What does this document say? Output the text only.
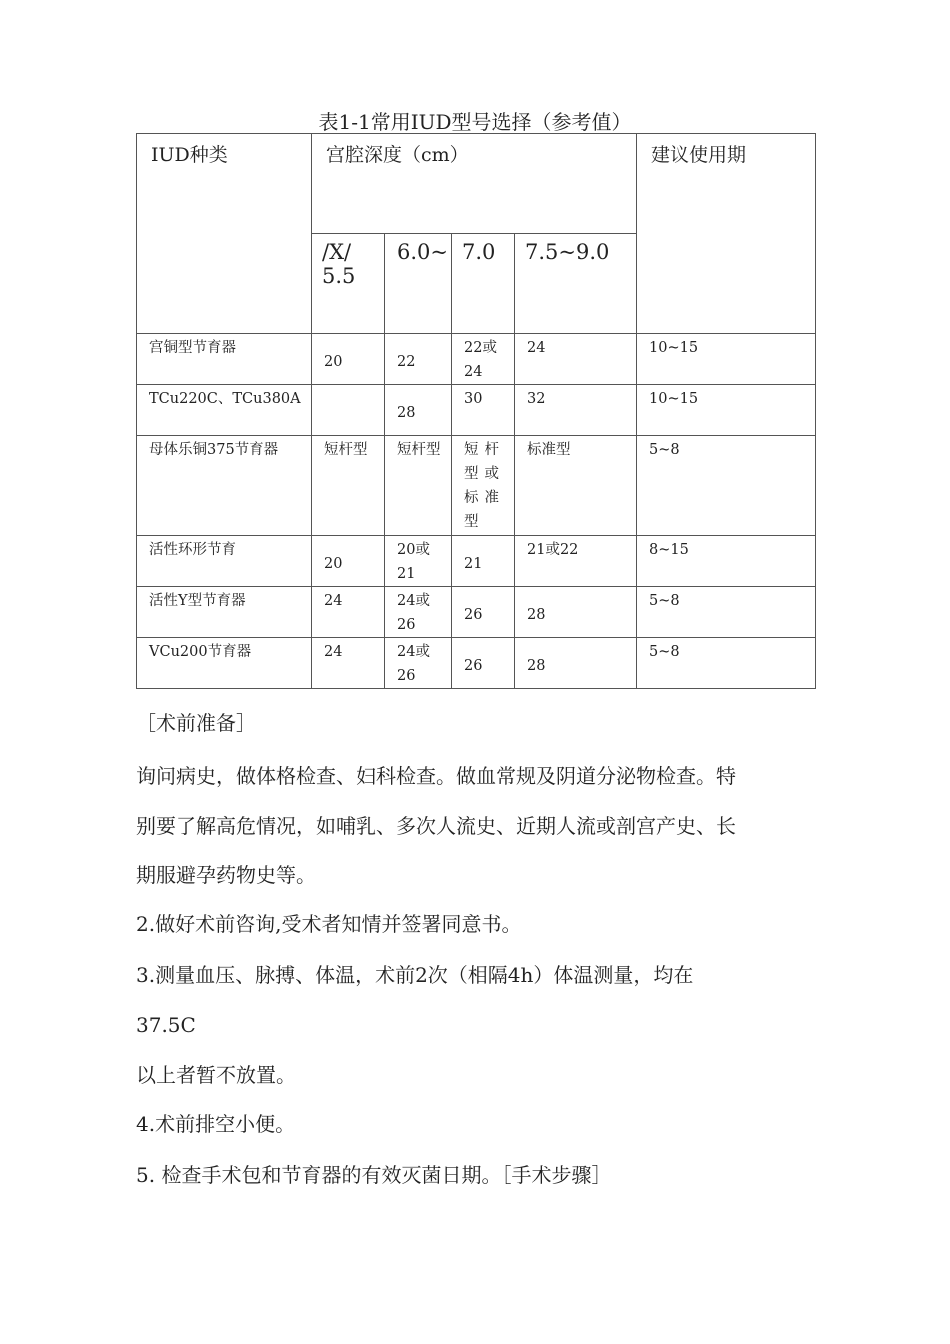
表1-1常用IUD型号选择（参考值）
IUD种类	宫腔深度（cm）				建议使用期
	/X/ 5.5	6.0~	7.0	7.5~9.0	
宫铜型节育器	20	22	22或24	24	10~15
TCu220C、TCu380A		28	30	32	10~15
母体乐铜375节育器	短杆型	短杆型	短杆型或标准型	标准型	5~8
活性环形节育	20	20或21	21	21或22	8~15
活性Y型节育器	24	24或26	26	28	5~8
VCu200节育器	24	24或26	26	28	5~8
［术前准备］
询问病史，做体格检查、妇科检查。做血常规及阴道分泌物检查。特
别要了解高危情况，如哺乳、多次人流史、近期人流或剖宫产史、长
期服避孕药物史等。
2.做好术前咨询,受术者知情并签署同意书。
3.测量血压、脉搏、体温，术前2次（相隔4h）体温测量，均在
37.5C
以上者暂不放置。
4.术前排空小便。
5. 检查手术包和节育器的有效灭菌日期。［手术步骤］
